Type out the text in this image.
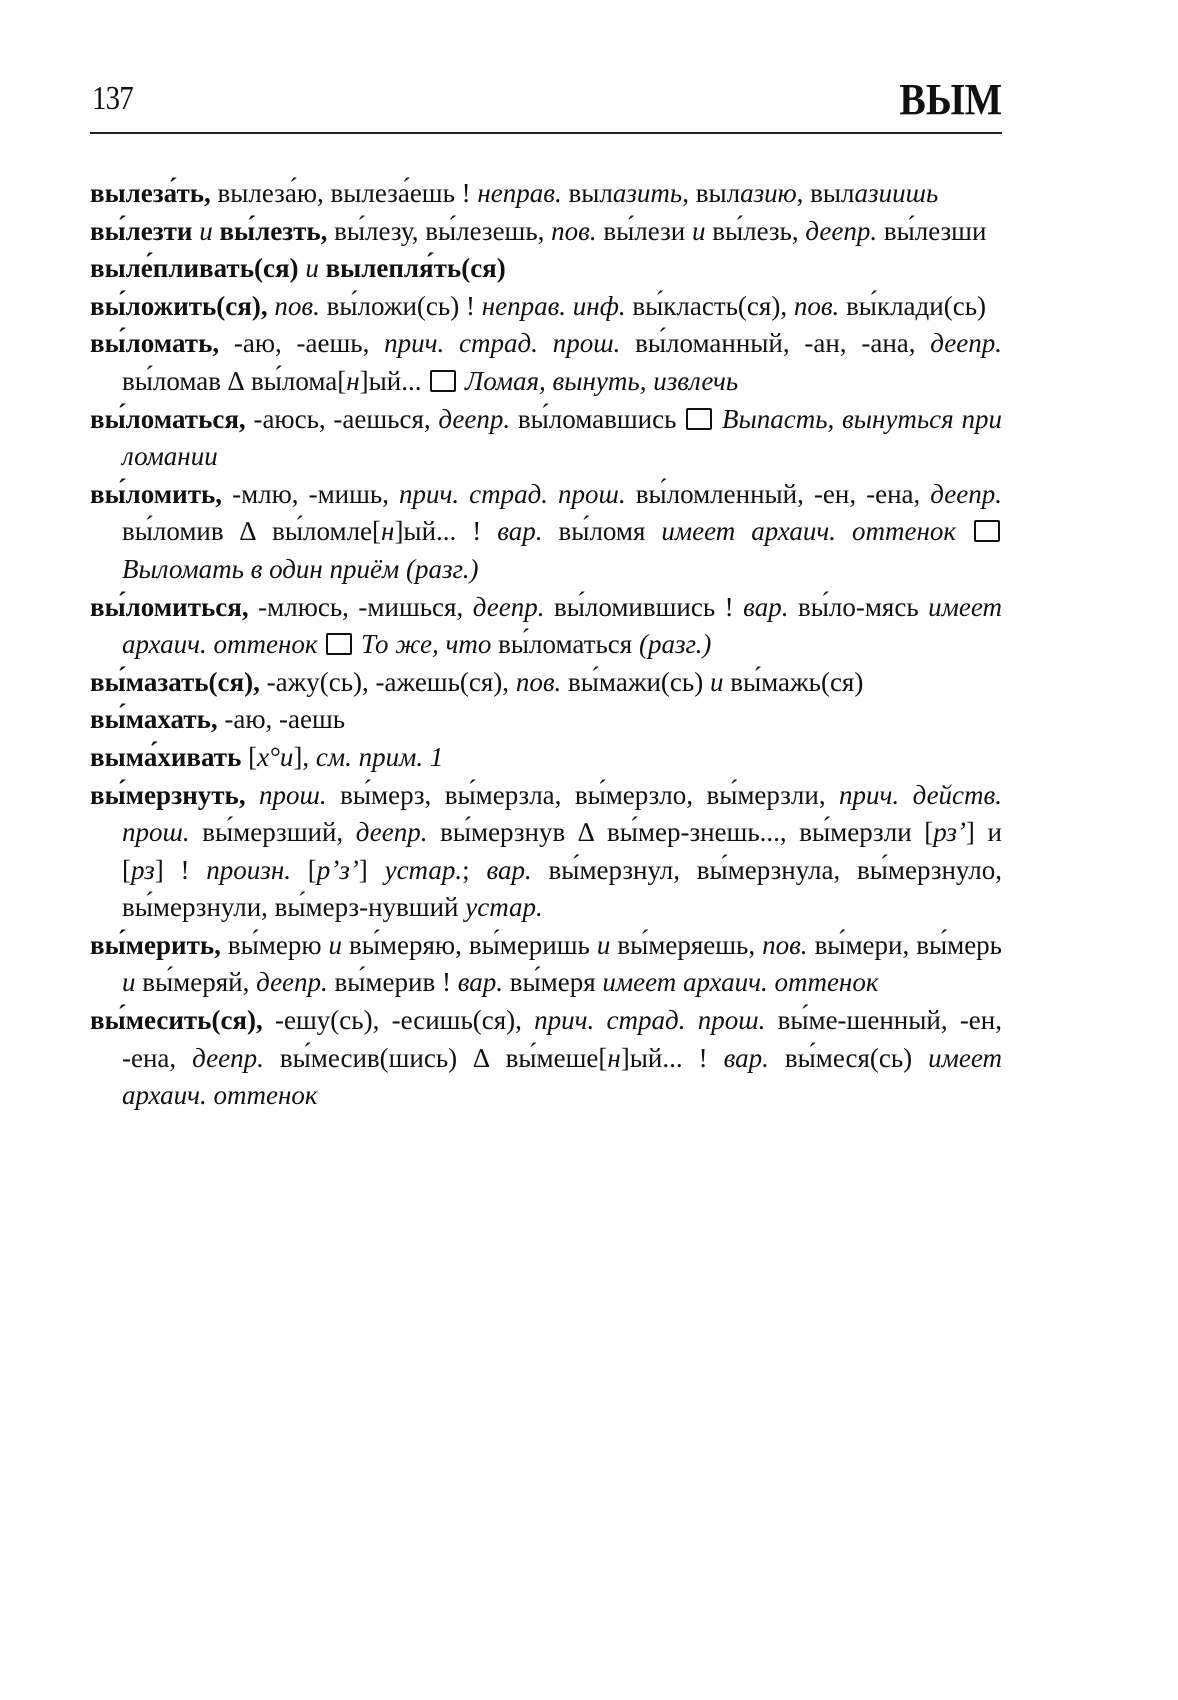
137	ВЫМ

вылеза́ть, вылеза́ю, вылеза́ешь ! неправ. вылазить, вылазию, вылазиишь

вы́лезти и вы́лезть, вы́лезу, вы́лезешь, пов. вы́лези и вы́лезь, деепр. вы́лезши

выле́пливать(ся) и вылепля́ть(ся)

вы́ложить(ся), пов. вы́ложи(сь) ! неправ. инф. вы́класть(ся), пов. вы́клади(сь)

вы́ломать, -аю, -аешь, прич. страд. прош. вы́ломанный, -ан, -ана, деепр. вы́ломав ∆ вы́лома[н]ый...  Ломая, вынуть, извлечь

вы́ломаться, -аюсь, -аешься, деепр. вы́ломавшись  Выпасть, вынуться при ломании

вы́ломить, -млю, -мишь, прич. страд. прош. вы́ломленный, -ен, -ена, деепр. вы́ломив ∆ вы́ломле[н]ый... ! вар. вы́ломя имеет архаич. оттенок  Выломать в один приём (разг.)

вы́ломиться, -млюсь, -мишься, деепр. вы́ломившись ! вар. вы́ло-мясь имеет архаич. оттенок  То же, что вы́ломаться (разг.)

вы́мазать(ся), -ажу(сь), -ажешь(ся), пов. вы́мажи(сь) и вы́мажь(ся)

вы́махать, -аю, -аешь

выма́хивать [х°и], см. прим. 1

вы́мерзнуть, прош. вы́мерз, вы́мерзла, вы́мерзло, вы́мерзли, прич. действ. прош. вы́мерзший, деепр. вы́мерзнув ∆ вы́мер-знешь..., вы́мерзли [рзʼ] и [рз] ! произн. [рʼзʼ] устар.; вар. вы́мерзнул, вы́мерзнула, вы́мерзнуло, вы́мерзнули, вы́мерз-нувший устар.

вы́мерить, вы́мерю и вы́меряю, вы́меришь и вы́меряешь, пов. вы́мери, вы́мерь и вы́меряй, деепр. вы́мерив ! вар. вы́меря имеет архаич. оттенок

вы́месить(ся), -ешу(сь), -есишь(ся), прич. страд. прош. вы́ме-шенный, -ен, -ена, деепр. вы́месив(шись) ∆ вы́меше[н]ый... ! вар. вы́меся(сь) имеет архаич. оттенок
